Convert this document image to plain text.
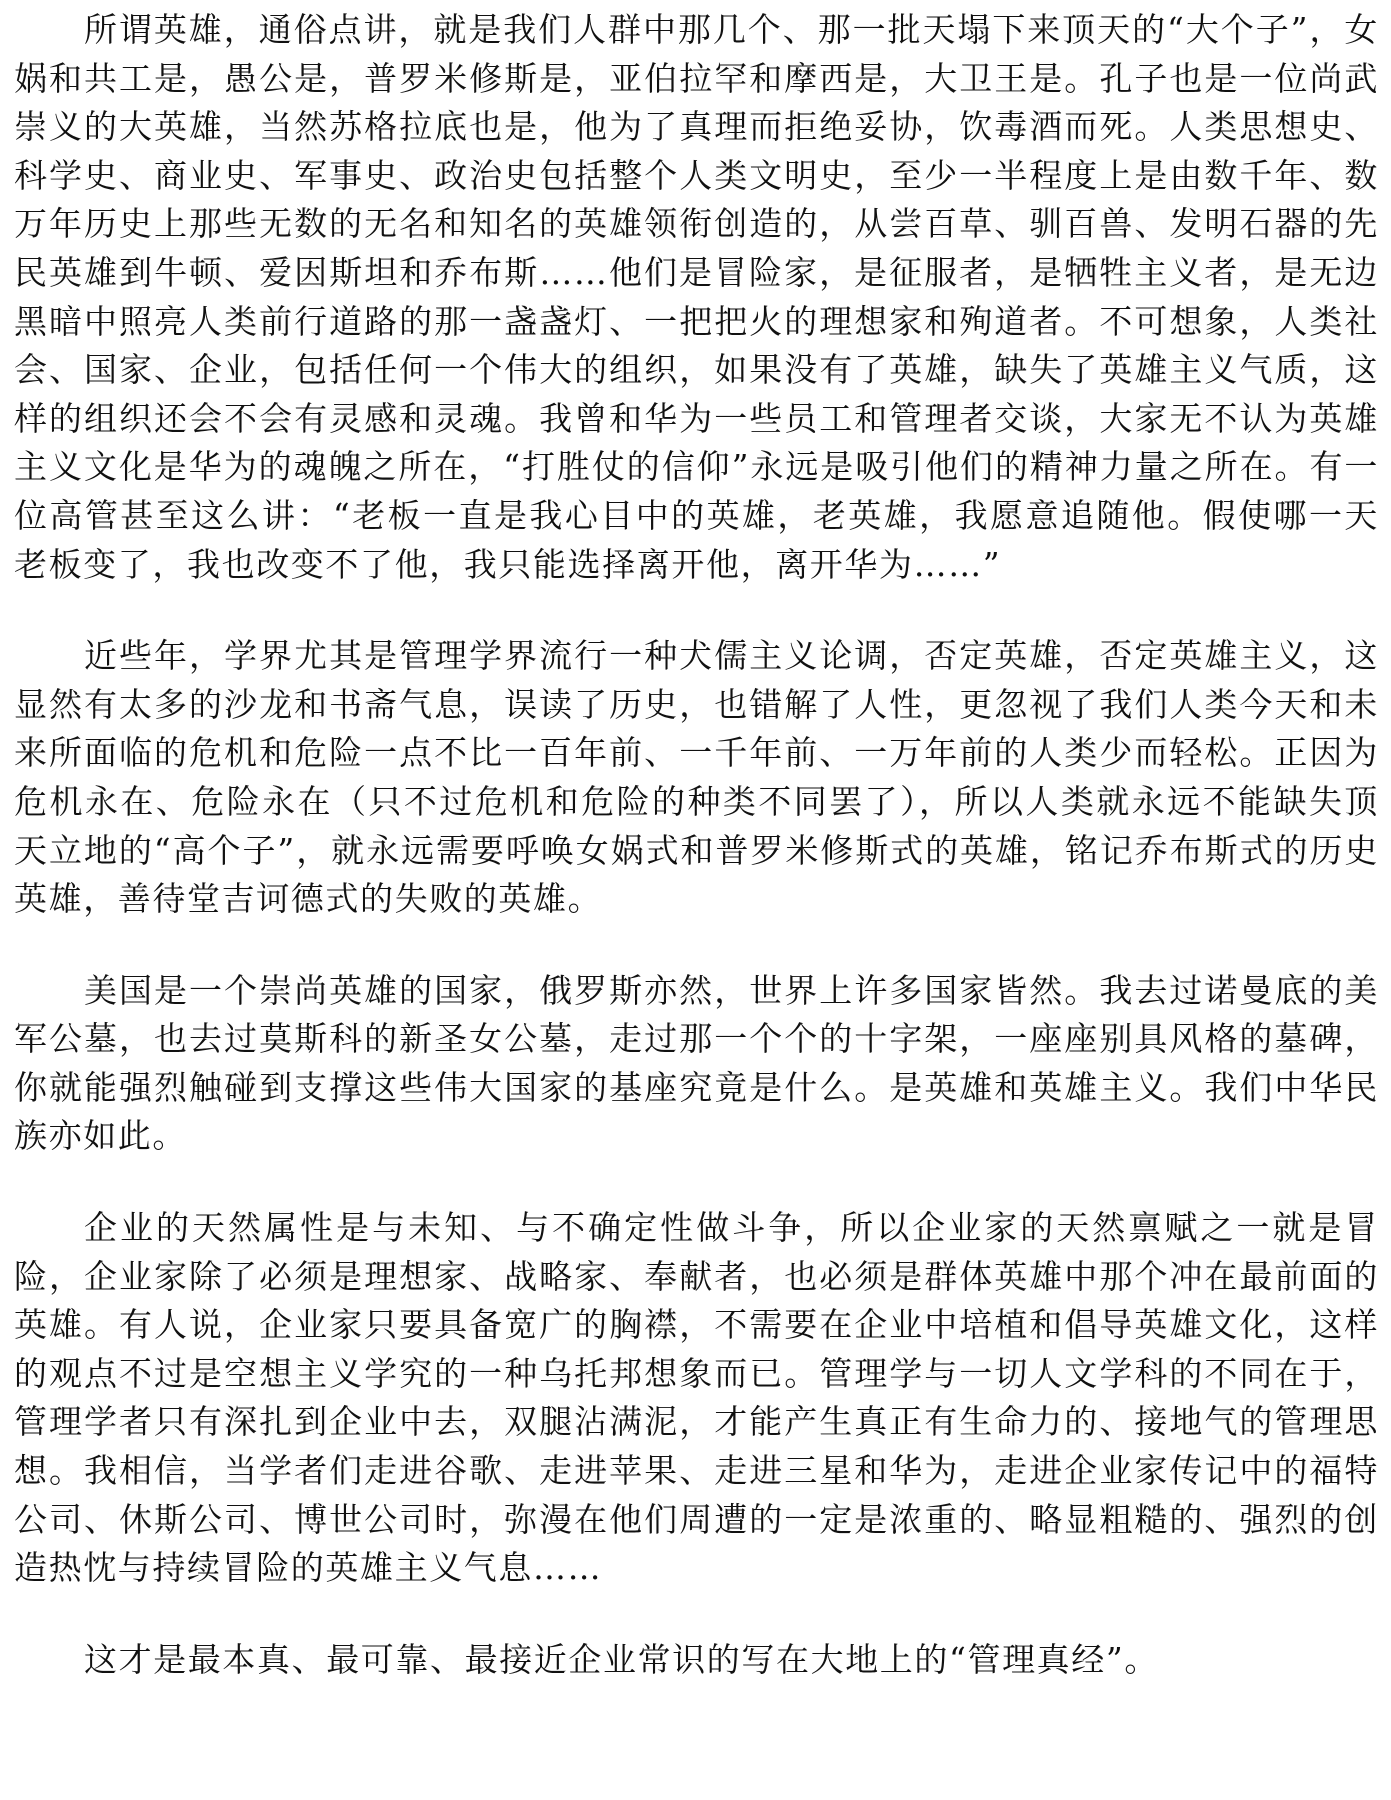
所谓英雄，通俗点讲，就是我们人群中那几个、那一批天塌下来顶天的“大个子”，女娲和共工是，愚公是，普罗米修斯是，亚伯拉罕和摩西是，大卫王是。孔子也是一位尚武崇义的大英雄，当然苏格拉底也是，他为了真理而拒绝妥协，饮毒酒而死。人类思想史、科学史、商业史、军事史、政治史包括整个人类文明史，至少一半程度上是由数千年、数万年历史上那些无数的无名和知名的英雄领衔创造的，从尝百草、驯百兽、发明石器的先民英雄到牛顿、爱因斯坦和乔布斯……他们是冒险家，是征服者，是牺牲主义者，是无边黑暗中照亮人类前行道路的那一盏盏灯、一把把火的理想家和殉道者。不可想象，人类社会、国家、企业，包括任何一个伟大的组织，如果没有了英雄，缺失了英雄主义气质，这样的组织还会不会有灵感和灵魂。我曾和华为一些员工和管理者交谈，大家无不认为英雄主义文化是华为的魂魄之所在，“打胜仗的信仰”永远是吸引他们的精神力量之所在。有一位高管甚至这么讲：“老板一直是我心目中的英雄，老英雄，我愿意追随他。假使哪一天老板变了，我也改变不了他，我只能选择离开他，离开华为……”

近些年，学界尤其是管理学界流行一种犬儒主义论调，否定英雄，否定英雄主义，这显然有太多的沙龙和书斋气息，误读了历史，也错解了人性，更忽视了我们人类今天和未来所面临的危机和危险一点不比一百年前、一千年前、一万年前的人类少而轻松。正因为危机永在、危险永在（只不过危机和危险的种类不同罢了），所以人类就永远不能缺失顶天立地的“高个子”，就永远需要呼唤女娲式和普罗米修斯式的英雄，铭记乔布斯式的历史英雄，善待堂吉诃德式的失败的英雄。

美国是一个崇尚英雄的国家，俄罗斯亦然，世界上许多国家皆然。我去过诺曼底的美军公墓，也去过莫斯科的新圣女公墓，走过那一个个的十字架，一座座别具风格的墓碑，你就能强烈触碰到支撑这些伟大国家的基座究竟是什么。是英雄和英雄主义。我们中华民族亦如此。

企业的天然属性是与未知、与不确定性做斗争，所以企业家的天然禀赋之一就是冒险，企业家除了必须是理想家、战略家、奉献者，也必须是群体英雄中那个冲在最前面的英雄。有人说，企业家只要具备宽广的胸襟，不需要在企业中培植和倡导英雄文化，这样的观点不过是空想主义学究的一种乌托邦想象而已。管理学与一切人文学科的不同在于，管理学者只有深扎到企业中去，双腿沾满泥，才能产生真正有生命力的、接地气的管理思想。我相信，当学者们走进谷歌、走进苹果、走进三星和华为，走进企业家传记中的福特公司、休斯公司、博世公司时，弥漫在他们周遭的一定是浓重的、略显粗糙的、强烈的创造热忱与持续冒险的英雄主义气息……

这才是最本真、最可靠、最接近企业常识的写在大地上的“管理真经”。
